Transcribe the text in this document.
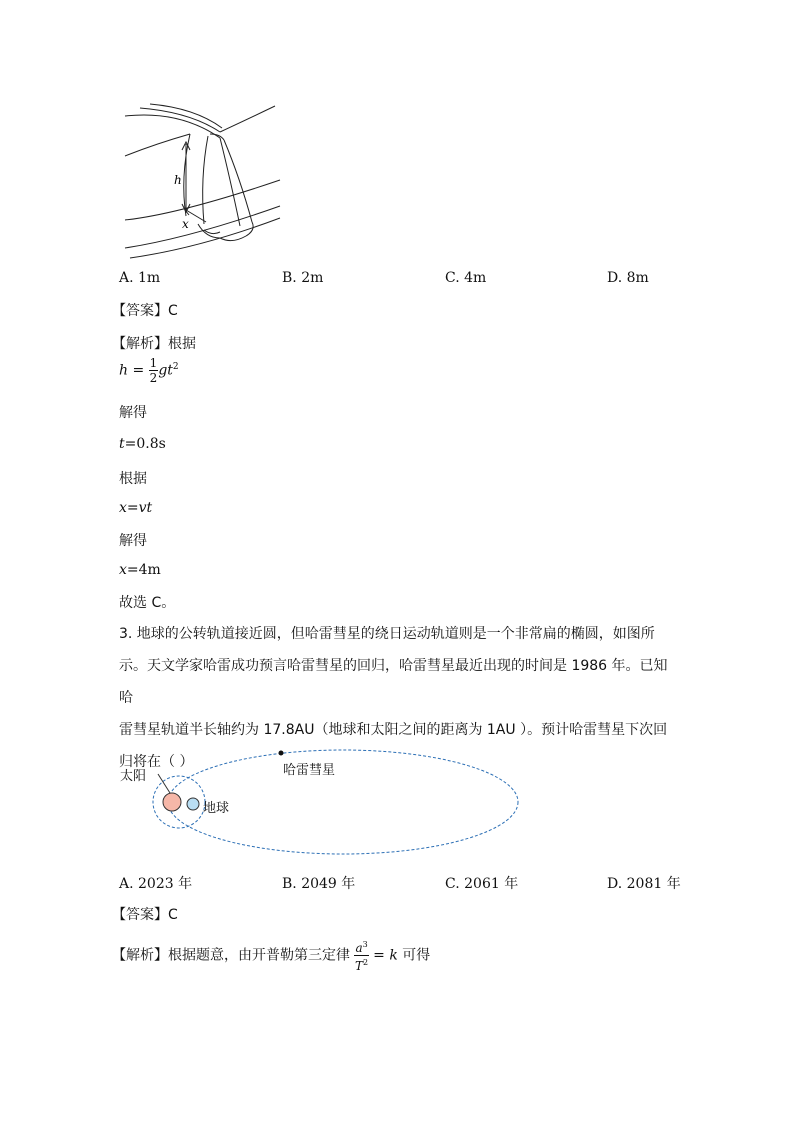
h
x
A. 1m	B. 2m	C. 4m	D. 8m
【答案】C
【解析】根据
$h = \frac{1}{2} gt^2$
解得
t=0.8s
根据
x=vt
解得
x=4m
故选 C。
3. 地球的公转轨道接近圆，但哈雷彗星的绕日运动轨道则是一个非常扁的椭圆，如图所
示。天文学家哈雷成功预言哈雷彗星的回归，哈雷彗星最近出现的时间是 1986 年。已知哈
雷彗星轨道半长轴约为 17.8AU（地球和太阳之间的距离为 1AU ）。预计哈雷彗星下次回
归将在（ ）
太阳	哈雷彗星
地球
A. 2023 年	B. 2049 年	C. 2061 年	D. 2081 年
【答案】C
【解析】根据题意，由开普勒第三定律 $\frac{a^3}{T^2} = k$ 可得
